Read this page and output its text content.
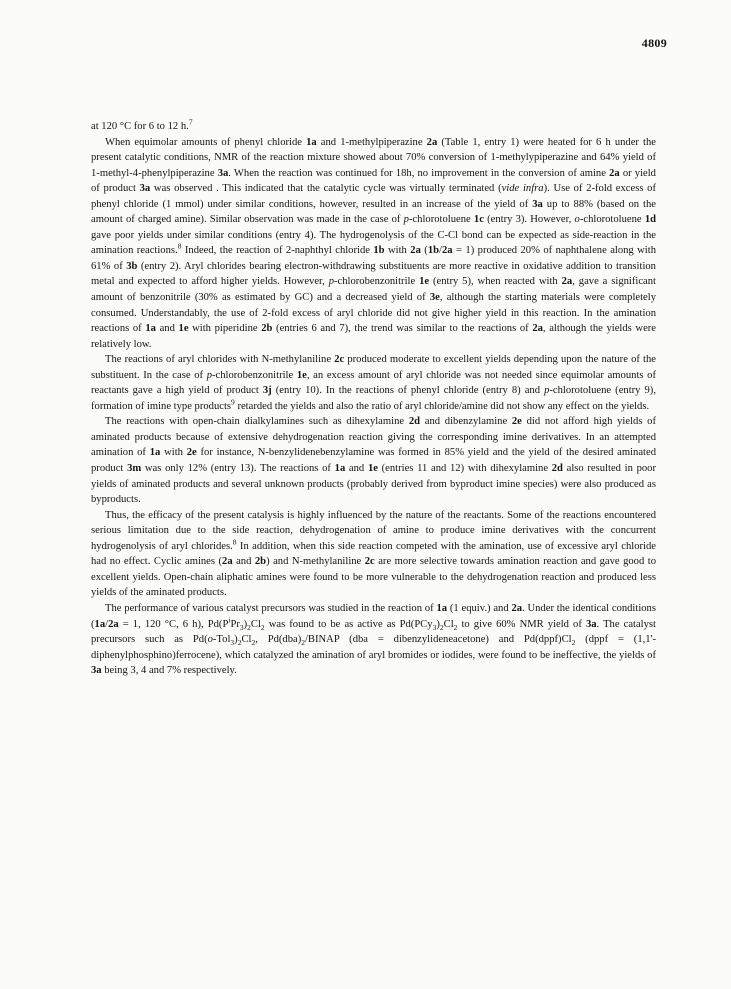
4809

at 120 °C for 6 to 12 h.$^7$

When equimolar amounts of phenyl chloride 1a and 1-methylpiperazine 2a (Table 1, entry 1) were heated for 6 h under the present catalytic conditions, NMR of the reaction mixture showed about 70% conversion of 1-methylypiperazine and 64% yield of 1-methyl-4-phenylpiperazine 3a. When the reaction was continued for 18h, no improvement in the conversion of amine 2a or yield of product 3a was observed . This indicated that the catalytic cycle was virtually terminated (vide infra). Use of 2-fold excess of phenyl chloride (1 mmol) under similar conditions, however, resulted in an increase of the yield of 3a up to 88% (based on the amount of charged amine). Similar observation was made in the case of p-chlorotoluene 1c (entry 3). However, o-chlorotoluene 1d gave poor yields under similar conditions (entry 4). The hydrogenolysis of the C-Cl bond can be expected as side-reaction in the amination reactions.$^8$ Indeed, the reaction of 2-naphthyl chloride 1b with 2a (1b/2a = 1) produced 20% of naphthalene along with 61% of 3b (entry 2). Aryl chlorides bearing electron-withdrawing substituents are more reactive in oxidative addition to transition metal and expected to afford higher yields. However, p-chlorobenzonitrile 1e (entry 5), when reacted with 2a, gave a significant amount of benzonitrile (30% as estimated by GC) and a decreased yield of 3e, although the starting materials were completely consumed. Understandably, the use of 2-fold excess of aryl chloride did not give higher yield in this reaction. In the amination reactions of 1a and 1e with piperidine 2b (entries 6 and 7), the trend was similar to the reactions of 2a, although the yields were relatively low.

The reactions of aryl chlorides with N-methylaniline 2c produced moderate to excellent yields depending upon the nature of the substituent. In the case of p-chlorobenzonitrile 1e, an excess amount of aryl chloride was not needed since equimolar amounts of reactants gave a high yield of product 3j (entry 10). In the reactions of phenyl chloride (entry 8) and p-chlorotoluene (entry 9), formation of imine type products$^9$ retarded the yields and also the ratio of aryl chloride/amine did not show any effect on the yields.

The reactions with open-chain dialkylamines such as dihexylamine 2d and dibenzylamine 2e did not afford high yields of aminated products because of extensive dehydrogenation reaction giving the corresponding imine derivatives. In an attempted amination of 1a with 2e for instance, N-benzylidenebenzylamine was formed in 85% yield and the yield of the desired aminated product 3m was only 12% (entry 13). The reactions of 1a and 1e (entries 11 and 12) with dihexylamine 2d also resulted in poor yields of aminated products and several unknown products (probably derived from byproduct imine species) were also produced as byproducts.

Thus, the efficacy of the present catalysis is highly influenced by the nature of the reactants. Some of the reactions encountered serious limitation due to the side reaction, dehydrogenation of amine to produce imine derivatives with the concurrent hydrogenolysis of aryl chlorides.$^8$ In addition, when this side reaction competed with the amination, use of excessive aryl chloride had no effect. Cyclic amines (2a and 2b) and N-methylaniline 2c are more selective towards amination reaction and gave good to excellent yields. Open-chain aliphatic amines were found to be more vulnerable to the dehydrogenation reaction and produced less yields of the aminated products.

The performance of various catalyst precursors was studied in the reaction of 1a (1 equiv.) and 2a. Under the identical conditions (1a/2a = 1, 120 °C, 6 h), $Pd(P^iPr_3)_2Cl_2$ was found to be as active as $Pd(PCy_3)_2Cl_2$ to give 60% NMR yield of 3a. The catalyst precursors such as $Pd(o-Tol_3)_2Cl_2$, $Pd(dba)_2$/BINAP (dba = dibenzylideneacetone) and $Pd(dppf)Cl_2$ (dppf = (1,1'-diphenylphosphino)ferrocene), which catalyzed the amination of aryl bromides or iodides, were found to be ineffective, the yields of 3a being 3, 4 and 7% respectively.
